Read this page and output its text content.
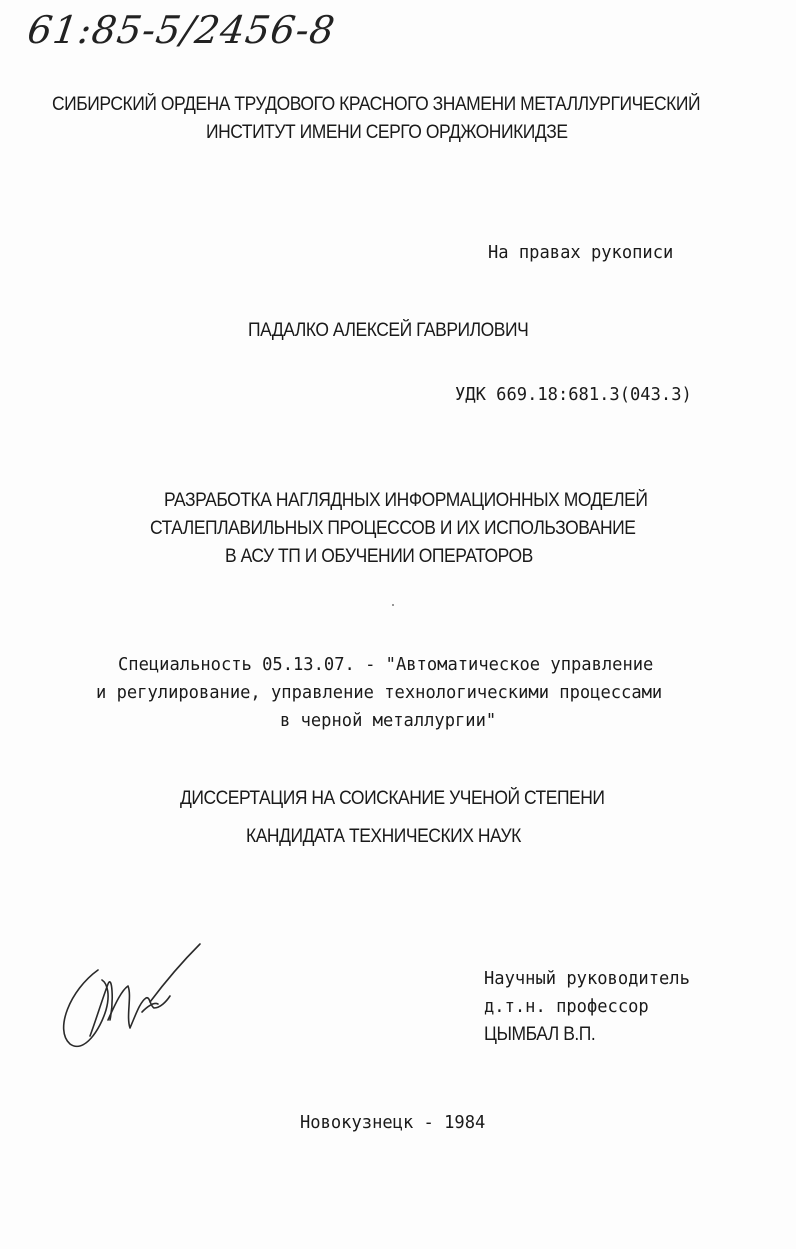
61:85-5/2456-8
СИБИРСКИЙ ОРДЕНА ТРУДОВОГО КРАСНОГО ЗНАМЕНИ МЕТАЛЛУРГИЧЕСКИЙ
ИНСТИТУТ ИМЕНИ СЕРГО ОРДЖОНИКИДЗЕ
На правах рукописи
ПАДАЛКО АЛЕКСЕЙ ГАВРИЛОВИЧ
УДК 669.18:681.3(043.3)
РАЗРАБОТКА НАГЛЯДНЫХ ИНФОРМАЦИОННЫХ МОДЕЛЕЙ
СТАЛЕПЛАВИЛЬНЫХ ПРОЦЕССОВ И ИХ ИСПОЛЬЗОВАНИЕ
В АСУ ТП И ОБУЧЕНИИ ОПЕРАТОРОВ
Специальность 05.13.07. - "Автоматическое управление
и регулирование, управление технологическими процессами
в черной металлургии"
ДИССЕРТАЦИЯ НА СОИСКАНИЕ УЧЕНОЙ СТЕПЕНИ
КАНДИДАТА ТЕХНИЧЕСКИХ НАУК
Научный руководитель
д.т.н. профессор
ЦЫМБАЛ В.П.
Новокузнецк - 1984
